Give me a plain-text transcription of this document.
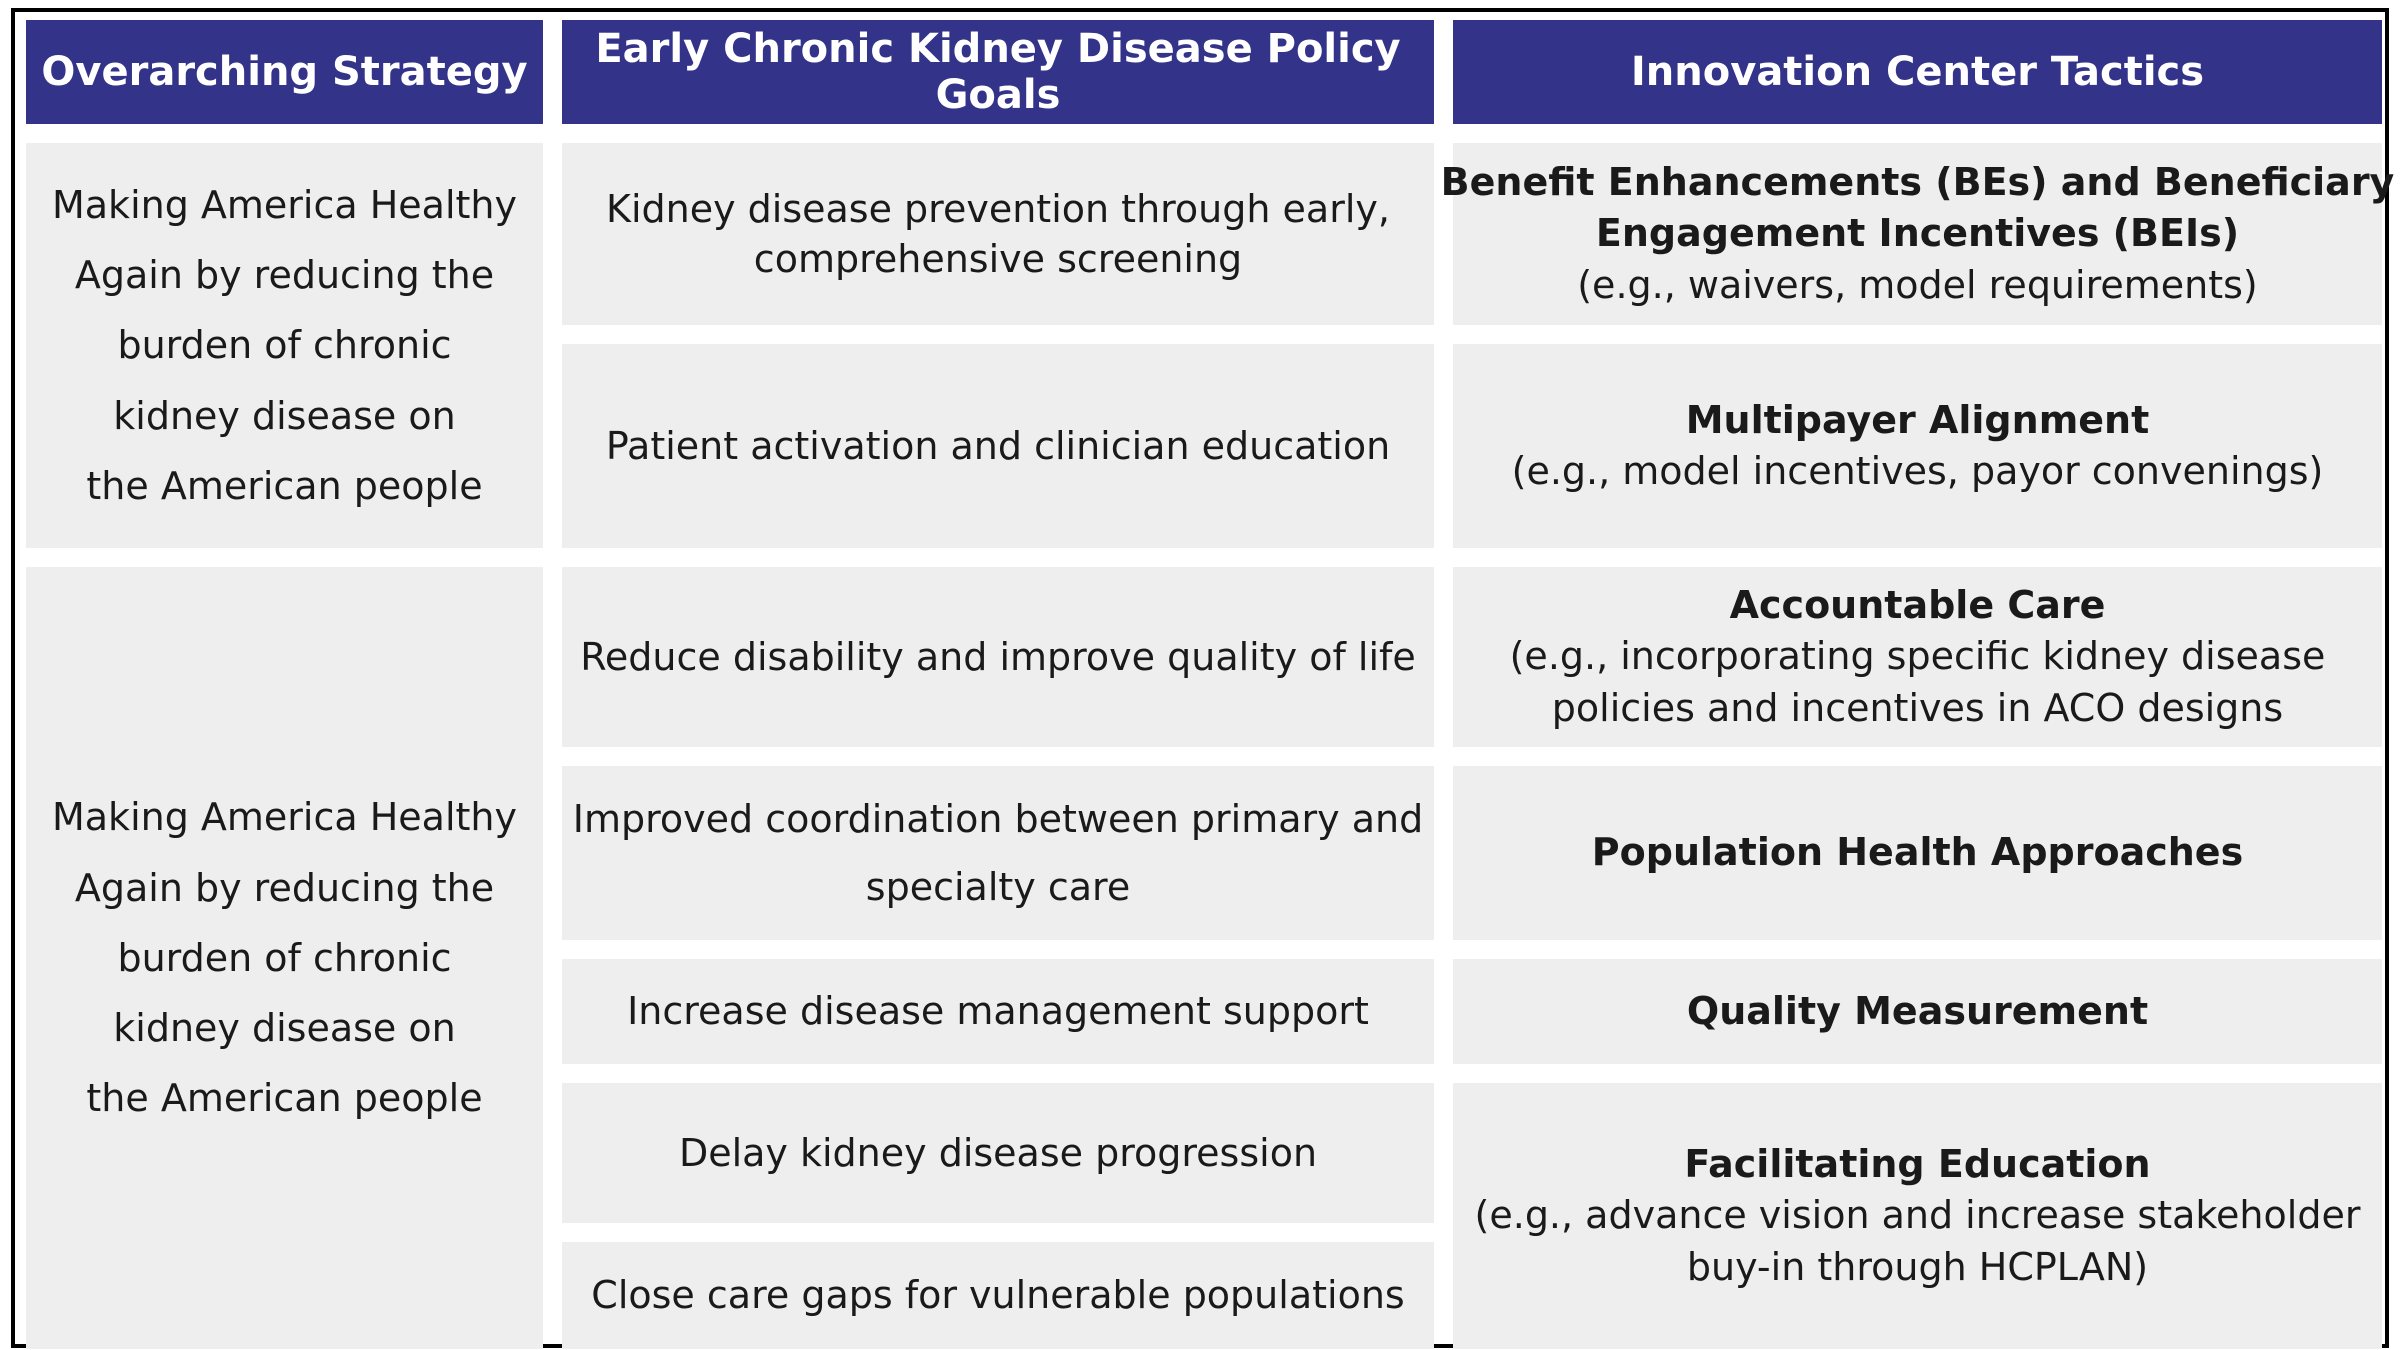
Overarching Strategy	Early Chronic Kidney Disease Policy Goals	Innovation Center Tactics
Making America Healthy
Again by reducing the
burden of chronic
kidney disease on
the American people
Making America Healthy
Again by reducing the
burden of chronic
kidney disease on
the American people
Kidney disease prevention through early,
comprehensive screening
Patient activation and clinician education
Reduce disability and improve quality of life
Improved coordination between primary and
specialty care
Increase disease management support
Delay kidney disease progression
Close care gaps for vulnerable populations
Benefit Enhancements (BEs) and Beneficiary
Engagement Incentives (BEIs)
(e.g., waivers, model requirements)
Multipayer Alignment
(e.g., model incentives, payor convenings)
Accountable Care
(e.g., incorporating specific kidney disease
policies and incentives in ACO designs
Population Health Approaches
Quality Measurement
Facilitating Education
(e.g., advance vision and increase stakeholder
buy-in through HCPLAN)
